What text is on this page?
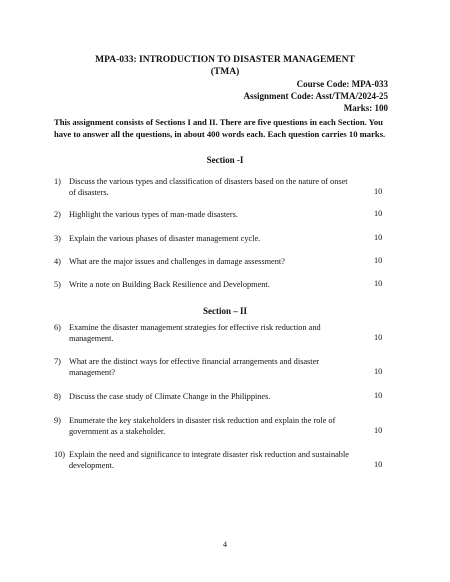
MPA-033: INTRODUCTION TO DISASTER MANAGEMENT
(TMA)
Course Code: MPA-033
Assignment Code: Asst/TMA/2024-25
Marks: 100
This assignment consists of Sections I and II. There are five questions in each Section. You have to answer all the questions, in about 400 words each. Each question carries 10 marks.
Section -I
1) Discuss the various types and classification of disasters based on the nature of onset of disasters.	10
2) Highlight the various types of man-made disasters.	10
3) Explain the various phases of disaster management cycle.	10
4) What are the major issues and challenges in damage assessment?	10
5) Write a note on Building Back Resilience and Development.	10
Section – II
6) Examine the disaster management strategies for effective risk reduction and management.	10
7) What are the distinct ways for effective financial arrangements and disaster management?	10
8) Discuss the case study of Climate Change in the Philippines.	10
9) Enumerate the key stakeholders in disaster risk reduction and explain the role of government as a stakeholder.	10
10) Explain the need and significance to integrate disaster risk reduction and sustainable development.	10
4
